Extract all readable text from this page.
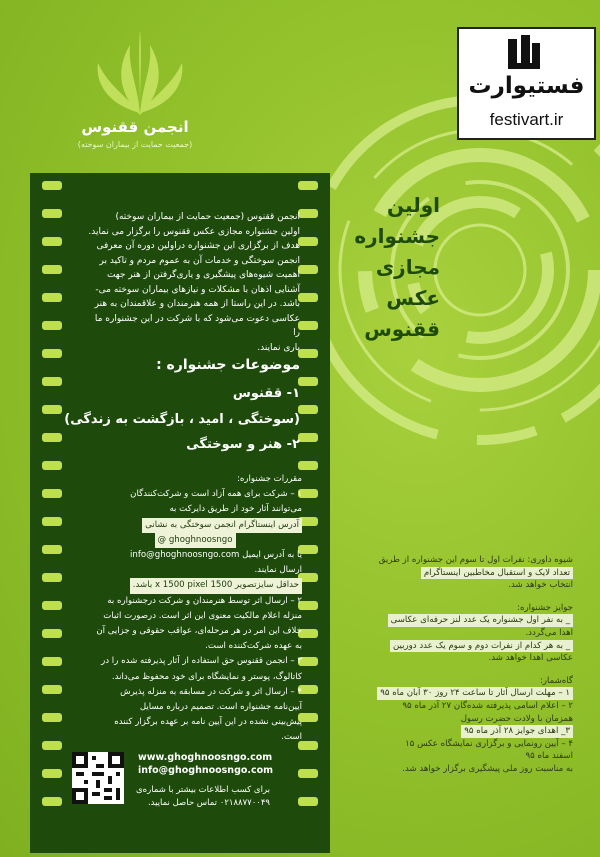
فستیوارت
festivart.ir
انجمن ققنوس
(جمعیت حمایت از بیماران سوخته)
انجمن ققنوس (جمعیت حمایت از بیماران سوخته)
اولین جشنواره مجازی عکس ققنوس را برگزار می نماید.
هدف از برگزاری این جشنواره دراولین دوره آن معرفی
انجمن سوختگی و خدمات آن به عموم مردم و تاکید بر
اهمیت شیوه‌های پیشگیری و یاری‌گرفتن از هنر جهت
آشنایی اذهان با مشکلات و نیازهای بیماران سوخته می-
باشد. در این راستا از همه هنرمندان و علاقمندان به هنر
عکاسی دعوت می‌شود که با شرکت در این جشنواره ما را
یاری نمایند.
موضوعات جشنواره :
۱- ققنوس
(سوختگی ، امید ، بازگشت به زندگی)
۲- هنر و سوختگی
مقررات جشنواره:
۱ – شرکت برای همه آزاد است و شرکت‌کنندگان
می‌توانند آثار خود از طریق دایرکت به
آدرس اینستاگرام انجمن سوختگی به نشانی
@ ghoghnoosngo
یا به آدرس ایمیل info@ghoghnoosngo.com
ارسال نمایند.
حداقل سایزتصویر 1500 x 1500 pixel باشد.
۲ – ارسال اثر توسط هنرمندان و شرکت درجشنواره به
منزله اعلام مالکیت معنوی این اثر است. درصورت اثبات
خلاف این امر در هر مرحله‌ای، عواقب حقوقی و جزایی آن
به عهده شرکت‌کننده است.
۳ – انجمن ققنوس حق استفاده از آثار پذیرفته شده را در
کاتالوگ، پوستر و نمایشگاه برای خود محفوظ می‌داند.
۴ – ارسال اثر و شرکت در مسابقه به منزله پذیرش
آیین‌نامه جشنواره است. تصمیم درباره مسایل
پیش‌بینی نشده در این آیین نامه بر عهده برگزار کننده
است.
www.ghoghnoosngo.com
info@ghoghnoosngo.com
برای کسب اطلاعات بیشتر با شماره‌ی
۰۲۱۸۸۷۷۰۰۴۹ تماس حاصل نمایید.
اولین
جشنواره
مجازی
عکس
ققنوس
شیوه داوری: نفرات اول تا سوم این جشنواره از طریق
تعداد لایک و استقبال مخاطبین اینستاگرام
انتخاب خواهد شد.
جوایز جشنواره:
_ به نفر اول جشنواره یک عدد لنز حرفه‌ای عکاسی
اهدا می‌گردد.
_ به هر کدام از نفرات دوم و سوم یک عدد دوربین
عکاسی اهدا خواهد شد.
گاه‌شمار:
۱ – مهلت ارسال آثار تا ساعت ۲۴ روز ۳۰ آبان ماه ۹۵
۲ – اعلام اسامی پذیرفته شده‌گان ۲۷ آذر ماه ۹۵
همزمان با ولادت حضرت رسول
۳_ اهدای جوایز ۲۸ آذر ماه ۹۵
۴ – آیین رونمایی و برگزاری نمایشگاه عکس ۱۵
اسفند ماه ۹۵
به مناسبت روز ملی پیشگیری برگزار خواهد شد.
